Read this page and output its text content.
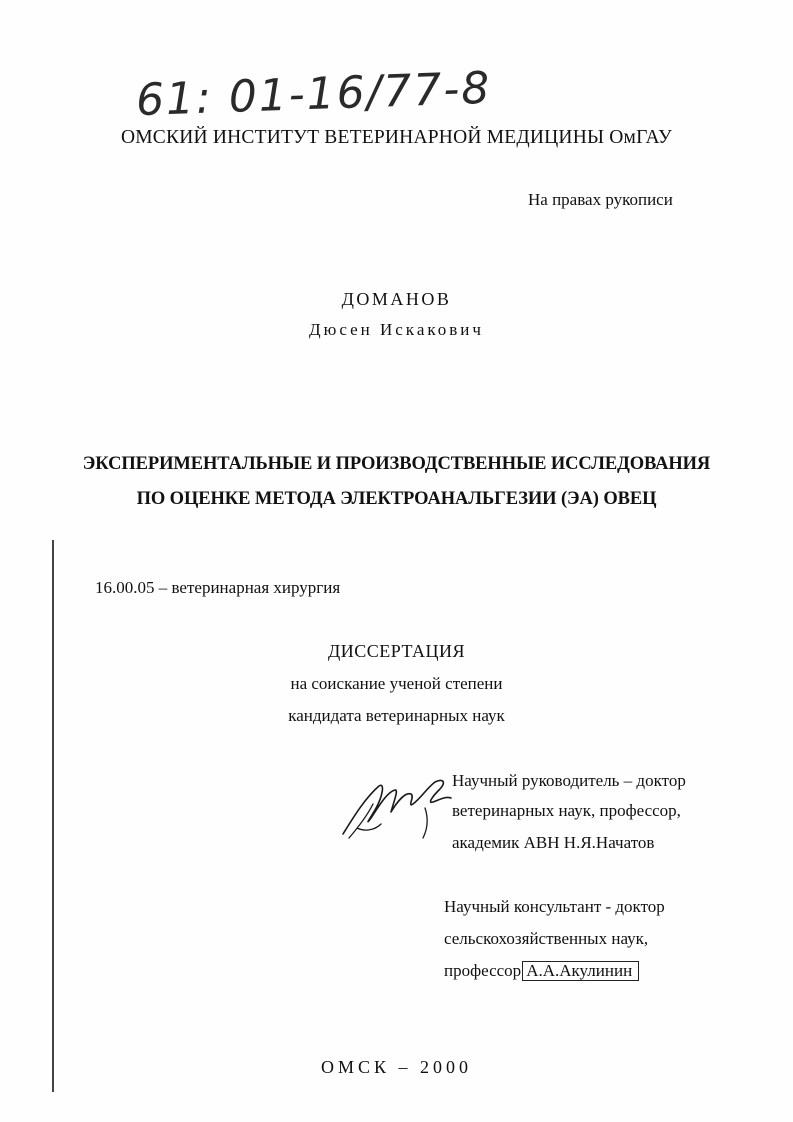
61: 01-16/77-8
ОМСКИЙ ИНСТИТУТ ВЕТЕРИНАРНОЙ МЕДИЦИНЫ ОмГАУ
На правах рукописи
ДОМАНОВ
Дюсен Искакович
ЭКСПЕРИМЕНТАЛЬНЫЕ И ПРОИЗВОДСТВЕННЫЕ ИССЛЕДОВАНИЯ
ПО ОЦЕНКЕ МЕТОДА ЭЛЕКТРОАНАЛЬГЕЗИИ (ЭА) ОВЕЦ
16.00.05 – ветеринарная хирургия
ДИССЕРТАЦИЯ
на соискание ученой степени
кандидата ветеринарных наук
Научный руководитель – доктор
ветеринарных наук, профессор,
академик АВН Н.Я.Начатов
Научный консультант - доктор
сельскохозяйственных наук,
профессор А.А.Акулинин
ОМСК – 2000
